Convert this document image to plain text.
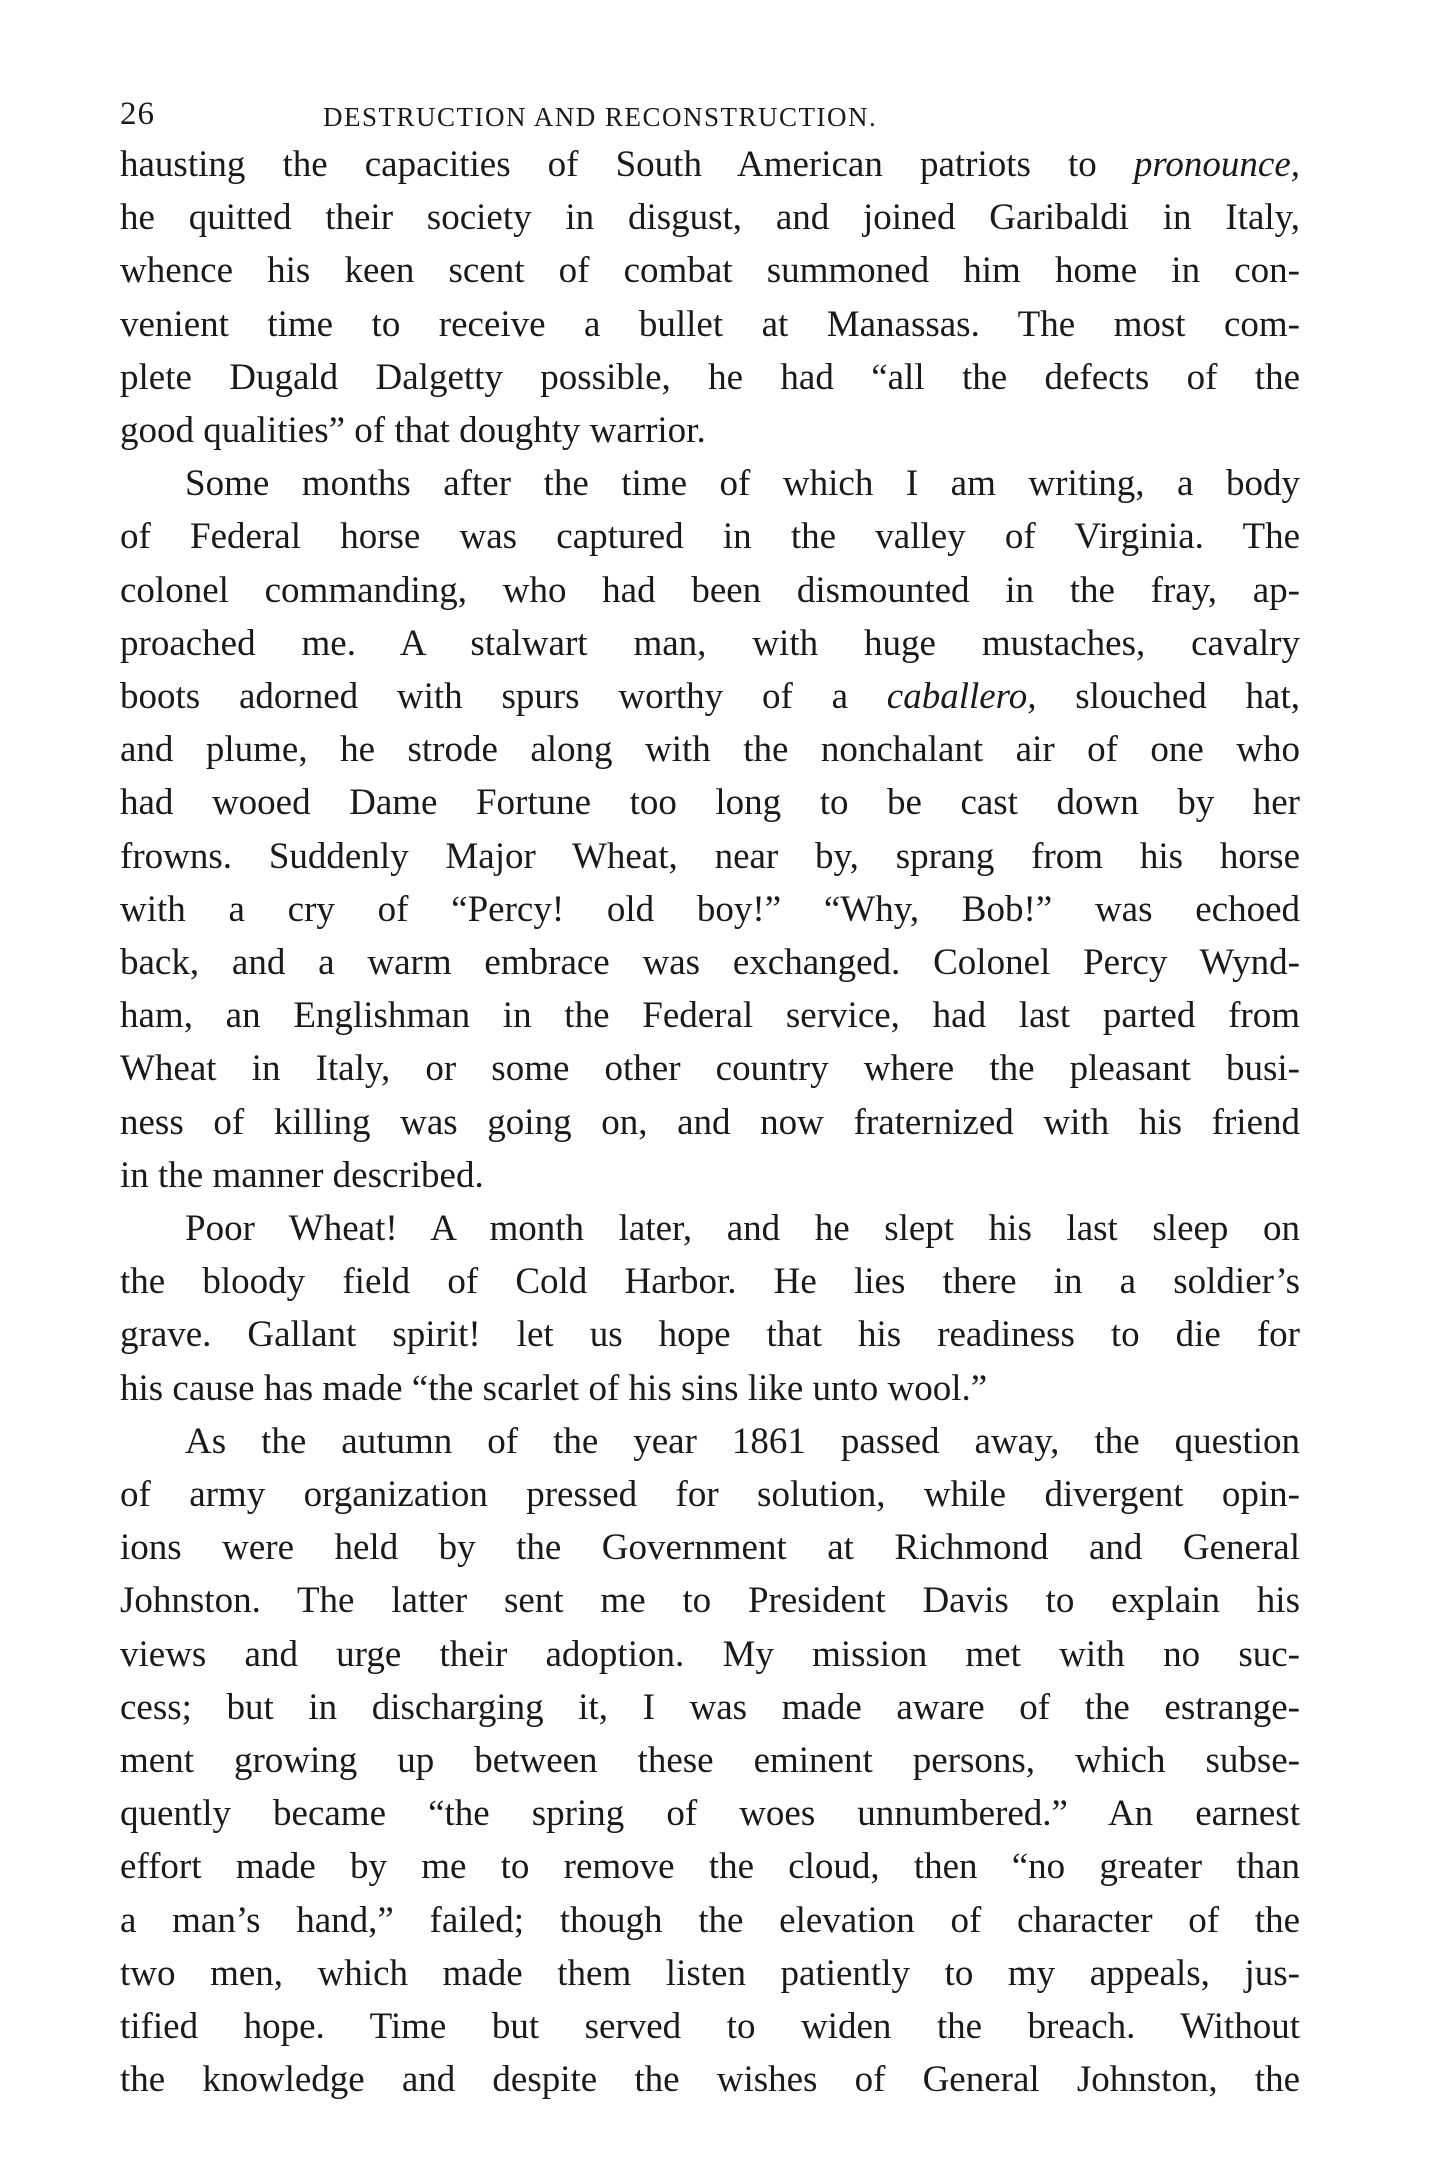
26	DESTRUCTION AND RECONSTRUCTION.
hausting the capacities of South American patriots to pronounce,
he quitted their society in disgust, and joined Garibaldi in Italy,
whence his keen scent of combat summoned him home in con-
venient time to receive a bullet at Manassas. The most com-
plete Dugald Dalgetty possible, he had “all the defects of the
good qualities” of that doughty warrior.
Some months after the time of which I am writing, a body
of Federal horse was captured in the valley of Virginia. The
colonel commanding, who had been dismounted in the fray, ap-
proached me. A stalwart man, with huge mustaches, cavalry
boots adorned with spurs worthy of a caballero, slouched hat,
and plume, he strode along with the nonchalant air of one who
had wooed Dame Fortune too long to be cast down by her
frowns. Suddenly Major Wheat, near by, sprang from his horse
with a cry of “Percy! old boy!” “Why, Bob!” was echoed
back, and a warm embrace was exchanged. Colonel Percy Wynd-
ham, an Englishman in the Federal service, had last parted from
Wheat in Italy, or some other country where the pleasant busi-
ness of killing was going on, and now fraternized with his friend
in the manner described.
Poor Wheat! A month later, and he slept his last sleep on
the bloody field of Cold Harbor. He lies there in a soldier’s
grave. Gallant spirit! let us hope that his readiness to die for
his cause has made “the scarlet of his sins like unto wool.”
As the autumn of the year 1861 passed away, the question
of army organization pressed for solution, while divergent opin-
ions were held by the Government at Richmond and General
Johnston. The latter sent me to President Davis to explain his
views and urge their adoption. My mission met with no suc-
cess; but in discharging it, I was made aware of the estrange-
ment growing up between these eminent persons, which subse-
quently became “the spring of woes unnumbered.” An earnest
effort made by me to remove the cloud, then “no greater than
a man’s hand,” failed; though the elevation of character of the
two men, which made them listen patiently to my appeals, jus-
tified hope. Time but served to widen the breach. Without
the knowledge and despite the wishes of General Johnston, the
